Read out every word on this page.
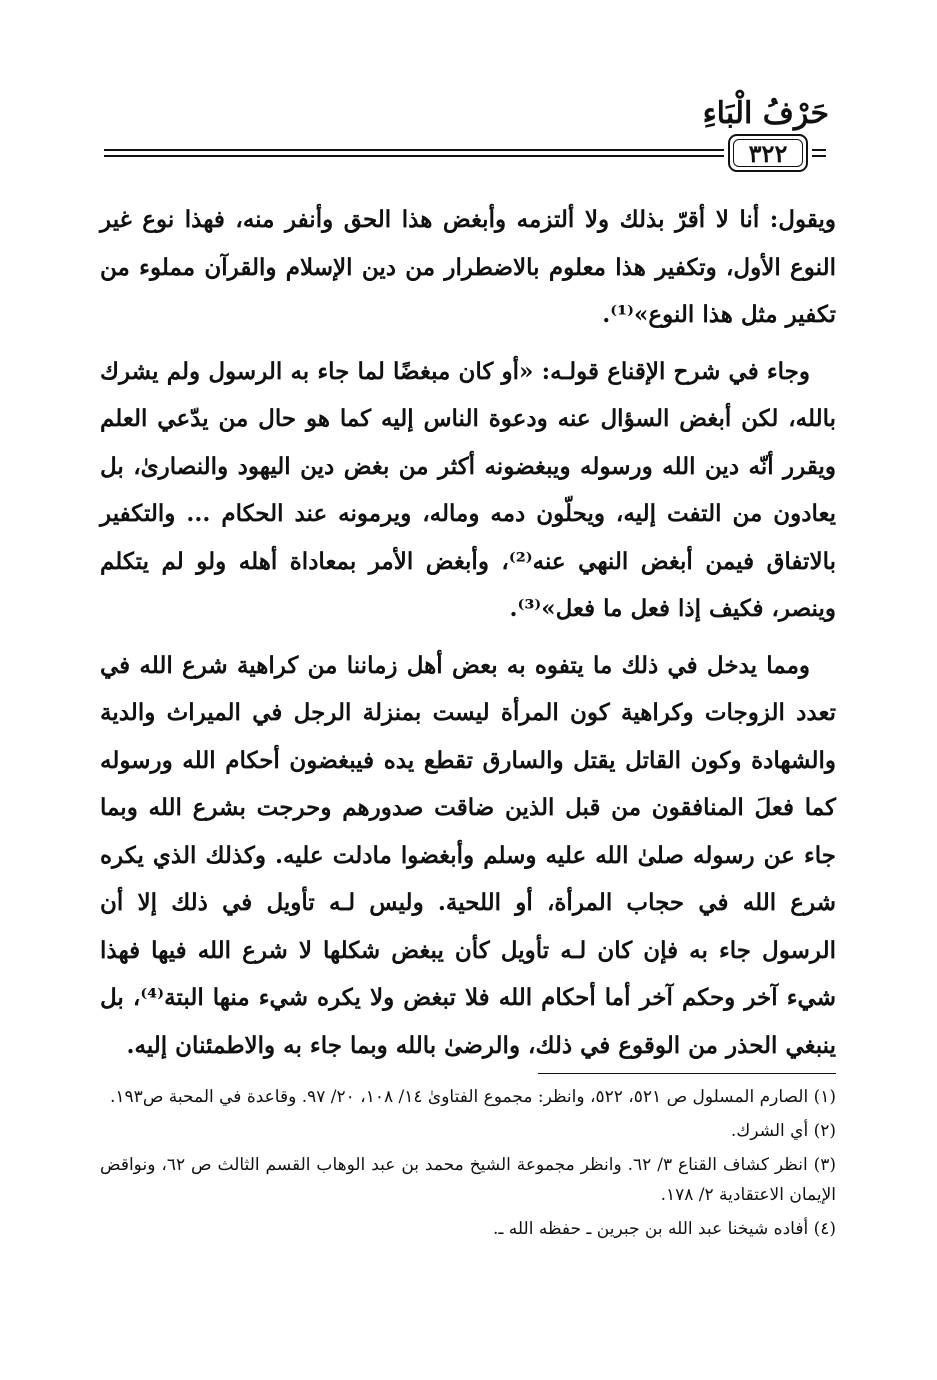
حَرْفُ الْبَاءِ
٣٢٢

ويقول: أنا لا أقرّ بذلك ولا ألتزمه وأبغض هذا الحق وأنفر منه، فهذا نوع غير النوع الأول، وتكفير هذا معلوم بالاضطرار من دين الإسلام والقرآن مملوء من تكفير مثل هذا النوع»⁽¹⁾.

وجاء في شرح الإقناع قولـه: «أو كان مبغضًا لما جاء به الرسول ولم يشرك بالله، لكن أبغض السؤال عنه ودعوة الناس إليه كما هو حال من يدّعي العلم ويقرر أنّه دين الله ورسوله ويبغضونه أكثر من بغض دين اليهود والنصارىٰ، بل يعادون من التفت إليه، ويحلّون دمه وماله، ويرمونه عند الحكام ... والتكفير بالاتفاق فيمن أبغض النهي عنه⁽²⁾، وأبغض الأمر بمعاداة أهله ولو لم يتكلم وينصر، فكيف إذا فعل ما فعل»⁽³⁾.

ومما يدخل في ذلك ما يتفوه به بعض أهل زماننا من كراهية شرع الله في تعدد الزوجات وكراهية كون المرأة ليست بمنزلة الرجل في الميراث والدية والشهادة وكون القاتل يقتل والسارق تقطع يده فيبغضون أحكام الله ورسوله كما فعلَ المنافقون من قبل الذين ضاقت صدورهم وحرجت بشرع الله وبما جاء عن رسوله صلىٰ الله عليه وسلم وأبغضوا مادلت عليه. وكذلك الذي يكره شرع الله في حجاب المرأة، أو اللحية. وليس لـه تأويل في ذلك إلا أن الرسول جاء به فإن كان لـه تأويل كأن يبغض شكلها لا شرع الله فيها فهذا شيء آخر وحكم آخر أما أحكام الله فلا تبغض ولا يكره شيء منها البتة⁽⁴⁾، بل ينبغي الحذر من الوقوع في ذلك، والرضىٰ بالله وبما جاء به والاطمئنان إليه.

(١) الصارم المسلول ص ٥٢١، ٥٢٢، وانظر: مجموع الفتاوىٰ ١٤/ ١٠٨، ٢٠/ ٩٧. وقاعدة في المحبة ص١٩٣.

(٢) أي الشرك.

(٣) انظر كشاف القناع ٣/ ٦٢. وانظر مجموعة الشيخ محمد بن عبد الوهاب القسم الثالث ص ٦٢، ونواقض الإيمان الاعتقادية ٢/ ١٧٨.

(٤) أفاده شيخنا عبد الله بن جبرين ـ حفظه الله ـ.
